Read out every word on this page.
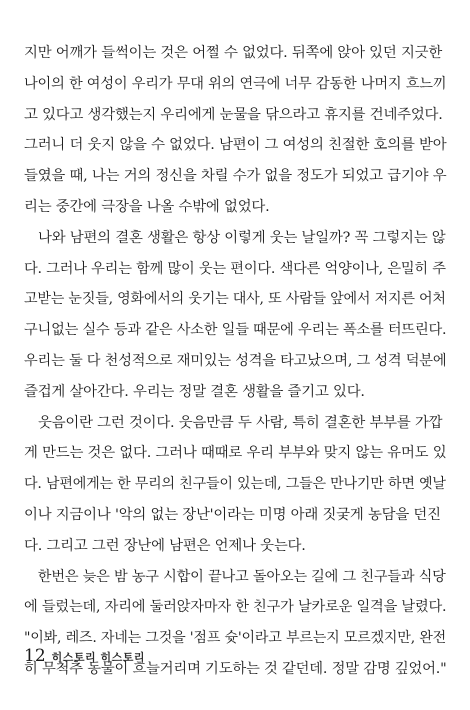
지만 어깨가 들썩이는 것은 어쩔 수 없었다. 뒤쪽에 앉아 있던 지긋한
나이의 한 여성이 우리가 무대 위의 연극에 너무 감동한 나머지 흐느끼
고 있다고 생각했는지 우리에게 눈물을 닦으라고 휴지를 건네주었다.
그러니 더 웃지 않을 수 없었다. 남편이 그 여성의 친절한 호의를 받아
들였을 때, 나는 거의 정신을 차릴 수가 없을 정도가 되었고 급기야 우
리는 중간에 극장을 나올 수밖에 없었다.
나와 남편의 결혼 생활은 항상 이렇게 웃는 날일까? 꼭 그렇지는 않
다. 그러나 우리는 함께 많이 웃는 편이다. 색다른 억양이나, 은밀히 주
고받는 눈짓들, 영화에서의 웃기는 대사, 또 사람들 앞에서 저지른 어처
구니없는 실수 등과 같은 사소한 일들 때문에 우리는 폭소를 터뜨린다.
우리는 둘 다 천성적으로 재미있는 성격을 타고났으며, 그 성격 덕분에
즐겁게 살아간다. 우리는 정말 결혼 생활을 즐기고 있다.
웃음이란 그런 것이다. 웃음만큼 두 사람, 특히 결혼한 부부를 가깝
게 만드는 것은 없다. 그러나 때때로 우리 부부와 맞지 않는 유머도 있
다. 남편에게는 한 무리의 친구들이 있는데, 그들은 만나기만 하면 옛날
이나 지금이나 '악의 없는 장난'이라는 미명 아래 짓궂게 농담을 던진
다. 그리고 그런 장난에 남편은 언제나 웃는다.
한번은 늦은 밤 농구 시합이 끝나고 돌아오는 길에 그 친구들과 식당
에 들렀는데, 자리에 둘러앉자마자 한 친구가 날카로운 일격을 날렸다.
"이봐, 레즈. 자네는 그것을 '점프 슛'이라고 부르는지 모르겠지만, 완전
히 무척추 동물이 흐늘거리며 기도하는 것 같던데. 정말 감명 깊었어."
12 히스토리 히스토리
